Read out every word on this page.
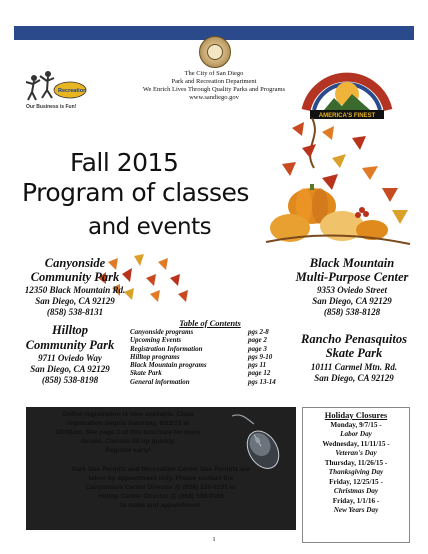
The City of San Diego
Park and Recreation Department
We Enrich Lives Through Quality Parks and Programs
www.sandiego.gov
Our Business is Fun!
Recreation
AMERICA'S FINEST
Fall 2015
Program of classes
and events
Canyonside
Community Park
12350 Black Mountain Rd.
San Diego, CA 92129
(858) 538-8131
Black Mountain
Multi-Purpose Center
9353 Oviedo Street
San Diego, CA 92129
(858) 538-8128
Hilltop
Community Park
9711 Oviedo Way
San Diego, CA 92129
(858) 538-8198
Rancho Penasquitos
Skate Park
10111 Carmel Mtn. Rd.
San Diego, CA 92129
Table of Contents
Canyonside programs	pgs 2-8
Upcoming Events	page 2
Registration Information	page 3
Hilltop programs	pgs 9-10
Black Mountain programs	pgs 11
Skate Park	page 12
General information	pgs 13-14
Online registration is now available. Class
registration begins Saturday, 8/22/15 at
10:00am. See page 3 of this brochure for more
details. Classes fill up quickly.
Register early!
Park Use Permits and Recreation Center Use Permits are
taken by appointment only. Please contact the
Canyonside Center Director @ (858) 538-8131 or
Hilltop Center Director @ (858) 538-9198
to make and appointment.
Holiday Closures
Monday, 9/7/15 -
Labor Day
Wednesday, 11/11/15 -
Veteran's Day
Thursday, 11/26/15 -
Thanksgiving Day
Friday, 12/25/15 -
Christmas Day
Friday, 1/1/16 -
New Years Day
1
